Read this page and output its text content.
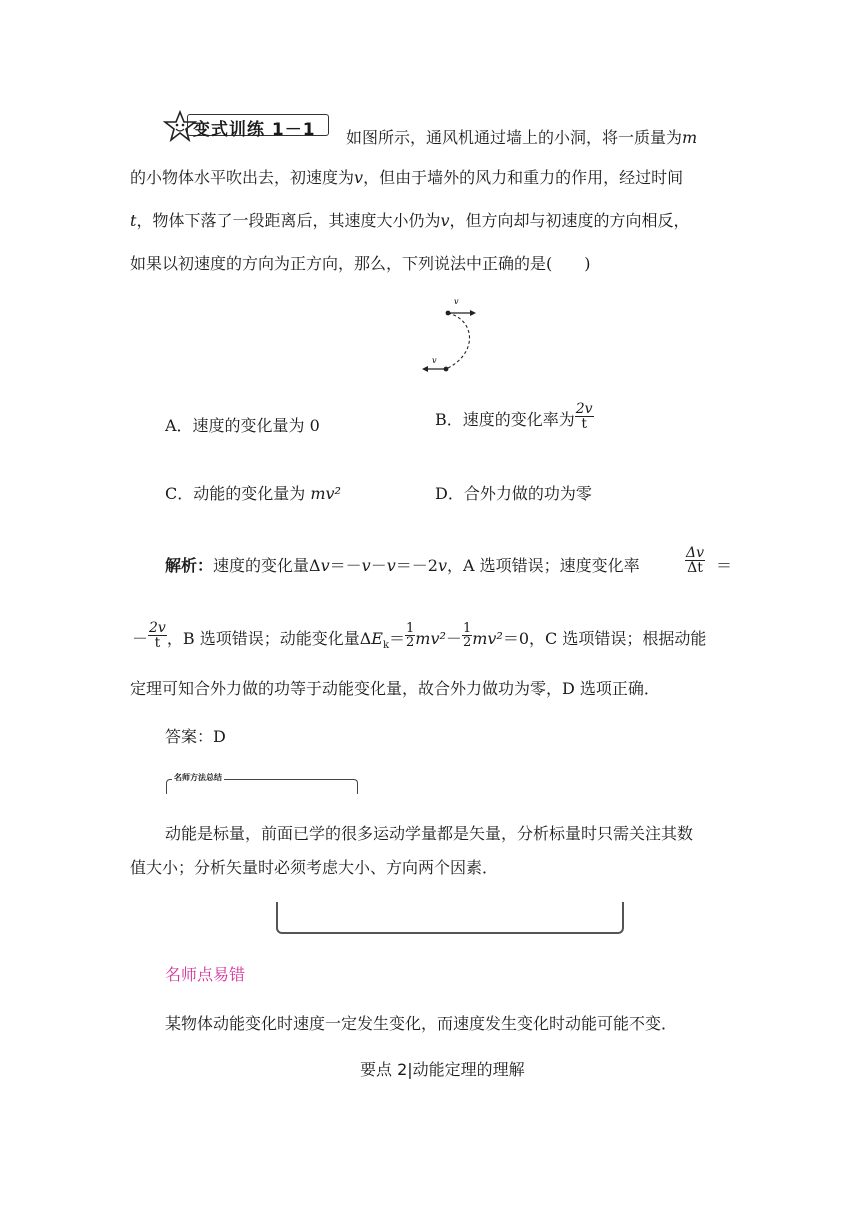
变式训练 1－1 如图所示，通风机通过墙上的小洞，将一质量为m
的小物体水平吹出去，初速度为v，但由于墙外的风力和重力的作用，经过时间
t，物体下落了一段距离后，其速度大小仍为v，但方向却与初速度的方向相反，
如果以初速度的方向为正方向，那么，下列说法中正确的是(　　)
v
v
A．速度的变化量为 0	B．速度的变化率为 $\frac{2v}{t}$
C．动能的变化量为 mv²	D．合外力做的功为零
解析：速度的变化量Δv＝－v－v＝－2v，A 选项错误；速度变化率	$\frac{\Delta v}{\Delta t}$ ＝
－ $\frac{2v}{t}$ ，B 选项错误；动能变化量$\Delta E_k= \frac{1}{2} mv^2- \frac{1}{2} mv^2=0$，C 选项错误；根据动能
定理可知合外力做的功等于动能变化量，故合外力做功为零，D 选项正确．
答案：D
名师方法总结
动能是标量，前面已学的很多运动学量都是矢量，分析标量时只需关注其数
值大小；分析矢量时必须考虑大小、方向两个因素．
名师点易错
某物体动能变化时速度一定发生变化，而速度发生变化时动能可能不变．
要点 2|动能定理的理解
